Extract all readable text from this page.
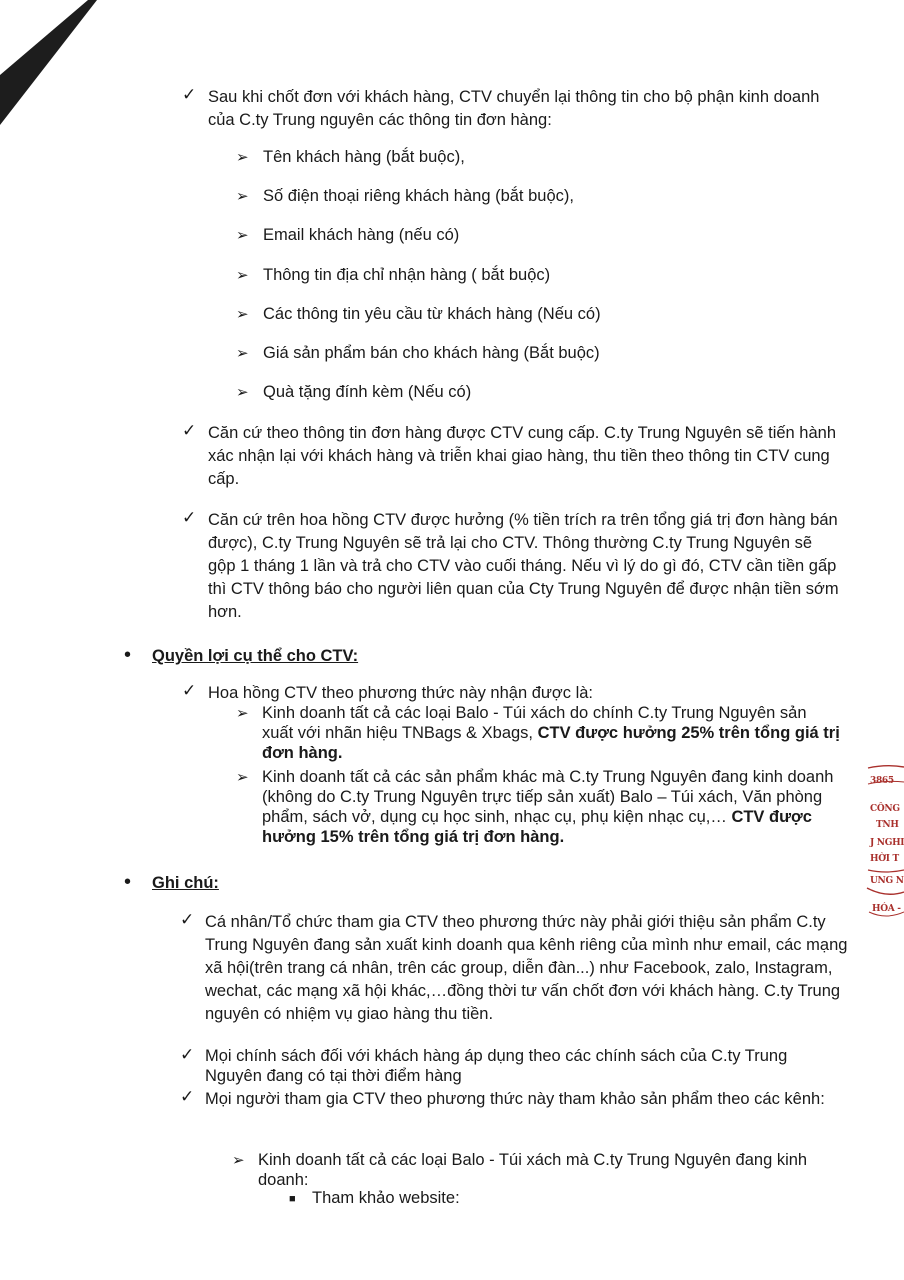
✓ Sau khi chốt đơn với khách hàng, CTV chuyển lại thông tin cho bộ phận kinh doanh của C.ty Trung nguyên các thông tin đơn hàng:
➢ Tên khách hàng (bắt buộc),
➢ Số điện thoại riêng khách hàng (bắt buộc),
➢ Email khách hàng (nếu có)
➢ Thông tin địa chỉ nhận hàng ( bắt buộc)
➢ Các thông tin yêu cầu từ khách hàng (Nếu có)
➢ Giá sản phẩm bán cho khách hàng (Bắt buộc)
➢ Quà tặng đính kèm (Nếu có)
✓ Căn cứ theo thông tin đơn hàng được CTV cung cấp. C.ty Trung Nguyên sẽ tiến hành xác nhận lại với khách hàng và triễn khai giao hàng, thu tiền theo thông tin CTV cung cấp.
✓ Căn cứ trên hoa hồng CTV được hưởng (% tiền trích ra trên tổng giá trị đơn hàng bán được), C.ty Trung Nguyên sẽ trả lại cho CTV. Thông thường C.ty Trung Nguyên sẽ gộp 1 tháng 1 lần và trả cho CTV vào cuối tháng. Nếu vì lý do gì đó, CTV cần tiền gấp thì CTV thông báo cho người liên quan của Cty Trung Nguyên để được nhận tiền sớm hơn.
• Quyền lợi cụ thể cho CTV:
✓ Hoa hồng CTV theo phương thức này nhận được là:
➢ Kinh doanh tất cả các loại Balo - Túi xách do chính C.ty Trung Nguyên sản xuất với nhãn hiệu TNBags & Xbags, CTV được hưởng 25% trên tổng giá trị đơn hàng.
➢ Kinh doanh tất cả các sản phẩm khác mà C.ty Trung Nguyên đang kinh doanh (không do C.ty Trung Nguyên trực tiếp sản xuất) Balo – Túi xách, Văn phòng phẩm, sách vở, dụng cụ học sinh, nhạc cụ, phụ kiện nhạc cụ,… CTV được hưởng 15% trên tổng giá trị đơn hàng.
• Ghi chú:
✓ Cá nhân/Tổ chức tham gia CTV theo phương thức này phải giới thiệu sản phẩm C.ty Trung Nguyên đang sản xuất kinh doanh qua kênh riêng của mình như email, các mạng xã hội(trên trang cá nhân, trên các group, diễn đàn...) như Facebook, zalo, Instagram, wechat, các mạng xã hội khác,…đồng thời tư vấn chốt đơn với khách hàng. C.ty Trung nguyên có nhiệm vụ giao hàng thu tiền.
✓ Mọi chính sách đối với khách hàng áp dụng theo các chính sách của C.ty Trung Nguyên đang có tại thời điểm hàng
✓ Mọi người tham gia CTV theo phương thức này tham khảo sản phẩm theo các kênh:
➢ Kinh doanh tất cả các loại Balo - Túi xách mà C.ty Trung Nguyên đang kinh doanh:
■ Tham khảo website:
3865
CÔNG
TNH
J NGHI
HỜI T
UNG N
HÓA -
